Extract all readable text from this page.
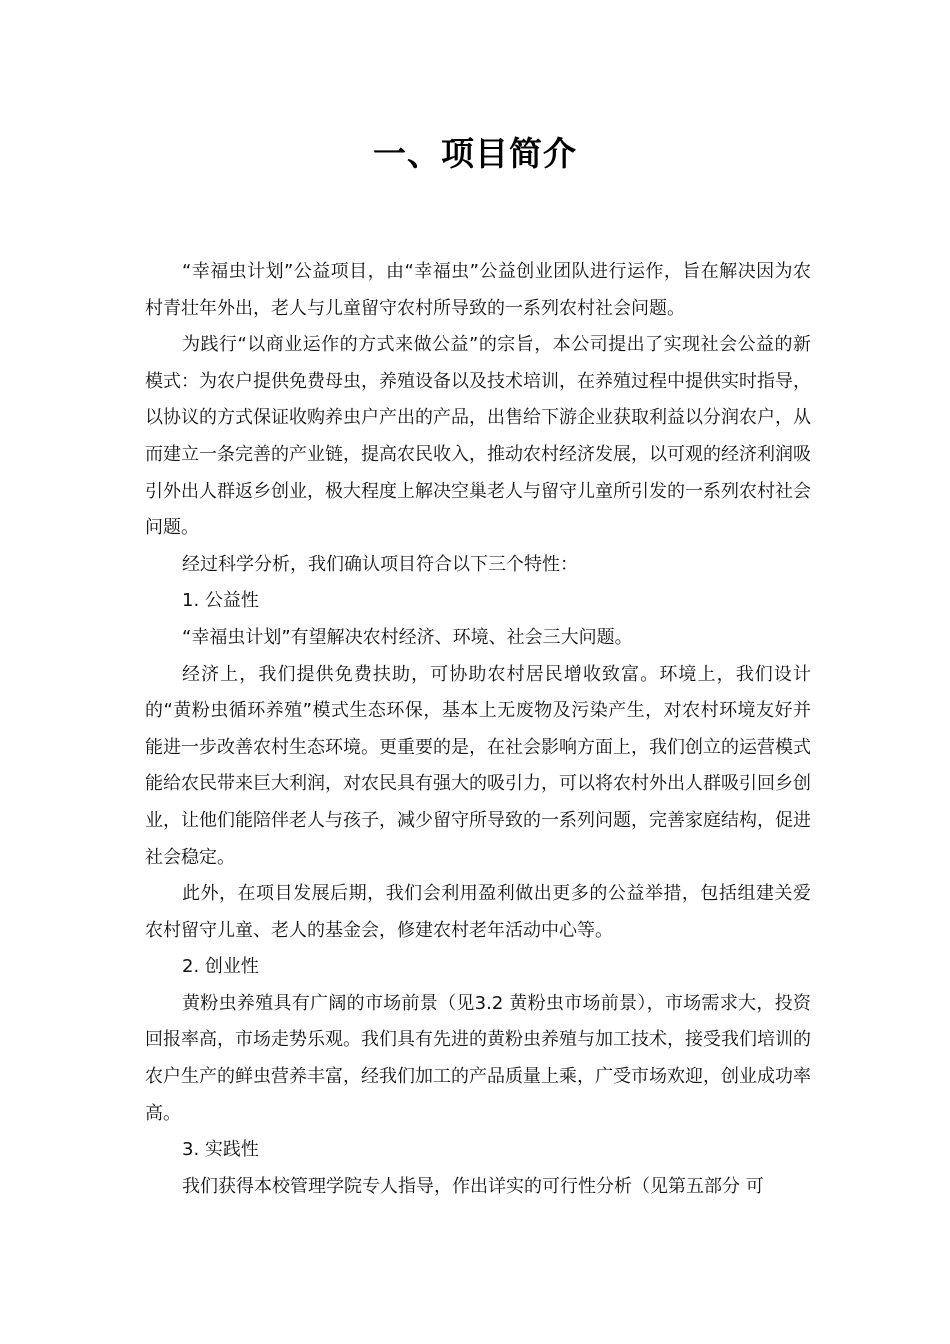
一、项目简介

“幸福虫计划”公益项目，由“幸福虫”公益创业团队进行运作，旨在解决因为农村青壮年外出，老人与儿童留守农村所导致的一系列农村社会问题。

为践行“以商业运作的方式来做公益”的宗旨，本公司提出了实现社会公益的新模式：为农户提供免费母虫，养殖设备以及技术培训，在养殖过程中提供实时指导，以协议的方式保证收购养虫户产出的产品，出售给下游企业获取利益以分润农户，从而建立一条完善的产业链，提高农民收入，推动农村经济发展，以可观的经济利润吸引外出人群返乡创业，极大程度上解决空巢老人与留守儿童所引发的一系列农村社会问题。

经过科学分析，我们确认项目符合以下三个特性：

1. 公益性

“幸福虫计划”有望解决农村经济、环境、社会三大问题。

经济上，我们提供免费扶助，可协助农村居民增收致富。环境上，我们设计的“黄粉虫循环养殖”模式生态环保，基本上无废物及污染产生，对农村环境友好并能进一步改善农村生态环境。更重要的是，在社会影响方面上，我们创立的运营模式能给农民带来巨大利润，对农民具有强大的吸引力，可以将农村外出人群吸引回乡创业，让他们能陪伴老人与孩子，减少留守所导致的一系列问题，完善家庭结构，促进社会稳定。

此外，在项目发展后期，我们会利用盈利做出更多的公益举措，包括组建关爱农村留守儿童、老人的基金会，修建农村老年活动中心等。

2. 创业性

黄粉虫养殖具有广阔的市场前景（见3.2 黄粉虫市场前景），市场需求大，投资回报率高，市场走势乐观。我们具有先进的黄粉虫养殖与加工技术，接受我们培训的农户生产的鲜虫营养丰富，经我们加工的产品质量上乘，广受市场欢迎，创业成功率高。

3. 实践性

我们获得本校管理学院专人指导，作出详实的可行性分析（见第五部分 可
